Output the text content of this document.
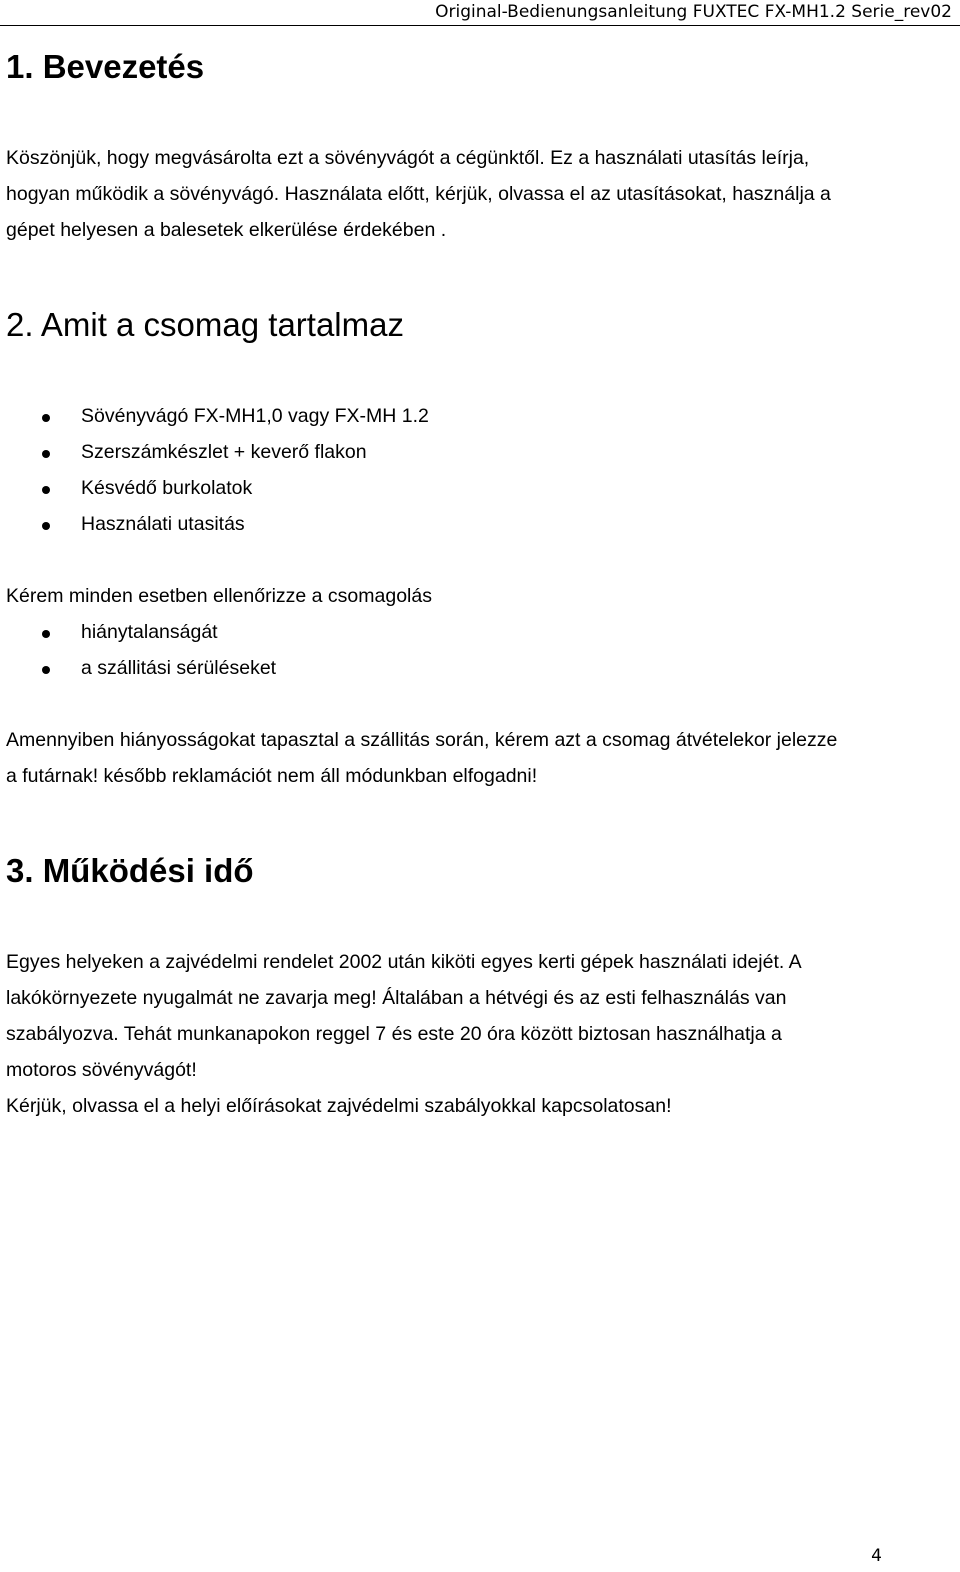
Original-Bedienungsanleitung FUXTEC FX-MH1.2 Serie_rev02
1. Bevezetés

Köszönjük, hogy megvásárolta ezt a sövényvágót a cégünktől. Ez a használati utasítás leírja,

hogyan működik a sövényvágó. Használata előtt, kérjük, olvassa el az utasításokat, használja a

gépet helyesen a balesetek elkerülése érdekében .

2. Amit a csomag tartalmaz
Sövényvágó FX-MH1,0 vagy FX-MH 1.2
Szerszámkészlet + keverő flakon
Késvédő burkolatok
Használati utasitás

Kérem minden esetben ellenőrizze a csomagolás

hiánytalanságát
a szállitási sérüléseket

Amennyiben hiányosságokat tapasztal a szállitás során, kérem azt a csomag átvételekor jelezze

a futárnak! később reklamációt nem áll módunkban elfogadni!

3. Működési idő

Egyes helyeken a zajvédelmi rendelet 2002 után kiköti egyes kerti gépek használati idejét. A

lakókörnyezete nyugalmát ne zavarja meg! Általában a hétvégi és az esti felhasználás van

szabályozva. Tehát munkanapokon reggel 7 és este 20 óra között biztosan használhatja a

motoros sövényvágót!

Kérjük, olvassa el a helyi előírásokat zajvédelmi szabályokkal kapcsolatosan!

4
